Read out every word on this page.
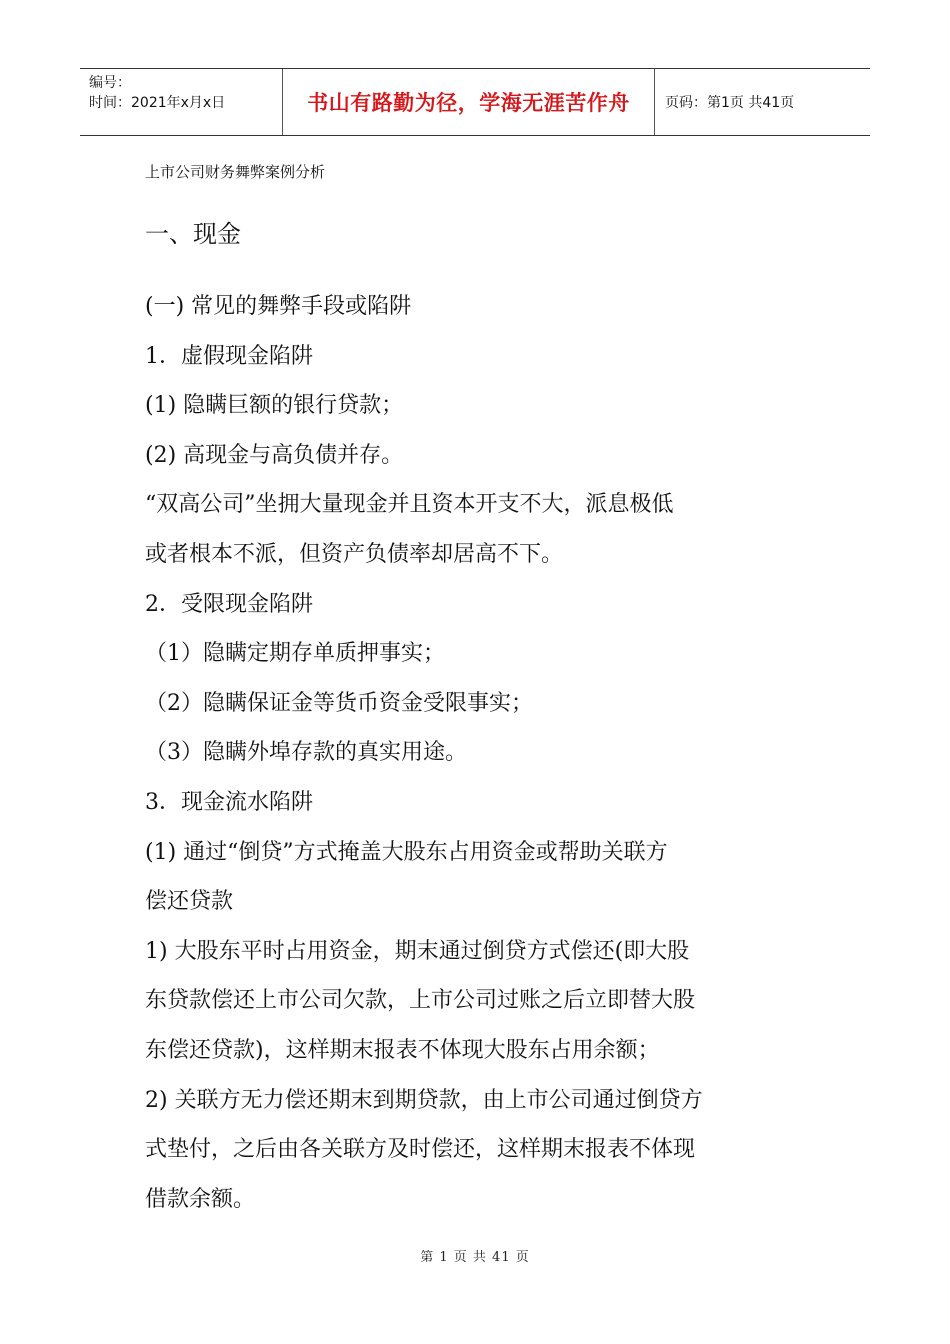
编号：
时间：2021年x月x日	书山有路勤为径，学海无涯苦作舟	页码：第1页 共41页
上市公司财务舞弊案例分析
一、现金
(一) 常见的舞弊手段或陷阱
1．虚假现金陷阱
(1) 隐瞒巨额的银行贷款；
(2) 高现金与高负债并存。
“双高公司”坐拥大量现金并且资本开支不大，派息极低
或者根本不派，但资产负债率却居高不下。
2．受限现金陷阱
（1）隐瞒定期存单质押事实；
（2）隐瞒保证金等货币资金受限事实；
（3）隐瞒外埠存款的真实用途。
3．现金流水陷阱
(1) 通过“倒贷”方式掩盖大股东占用资金或帮助关联方
偿还贷款
1) 大股东平时占用资金，期末通过倒贷方式偿还(即大股
东贷款偿还上市公司欠款，上市公司过账之后立即替大股
东偿还贷款)，这样期末报表不体现大股东占用余额；
2) 关联方无力偿还期末到期贷款，由上市公司通过倒贷方
式垫付，之后由各关联方及时偿还，这样期末报表不体现
借款余额。
第 1 页 共 41 页
